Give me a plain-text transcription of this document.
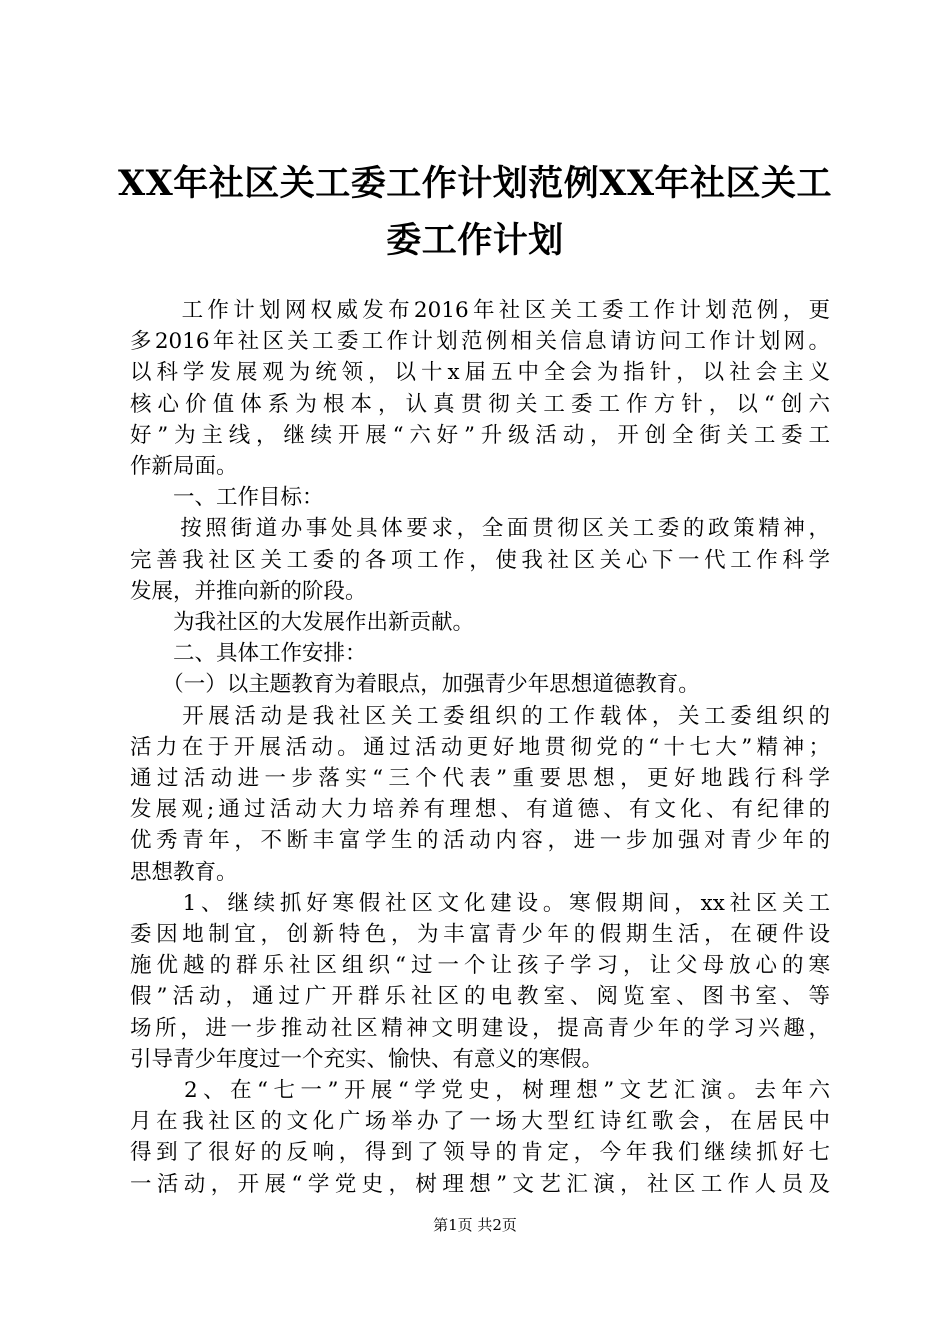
XX年社区关工委工作计划范例XX年社区关工
委工作计划
　　工作计划网权威发布2016年社区关工委工作计划范例，更
多2016年社区关工委工作计划范例相关信息请访问工作计划网。
以科学发展观为统领，以十x届五中全会为指针，以社会主义
核心价值体系为根本，认真贯彻关工委工作方针，以“创六
好”为主线，继续开展“六好”升级活动，开创全街关工委工
作新局面。
　　一、工作目标：
　　按照街道办事处具体要求，全面贯彻区关工委的政策精神，
完善我社区关工委的各项工作，使我社区关心下一代工作科学
发展，并推向新的阶段。
　　为我社区的大发展作出新贡献。
　　二、具体工作安排：
　　（一）以主题教育为着眼点，加强青少年思想道德教育。
　　开展活动是我社区关工委组织的工作载体，关工委组织的
活力在于开展活动。通过活动更好地贯彻党的“十七大”精神；
通过活动进一步落实“三个代表”重要思想，更好地践行科学
发展观;通过活动大力培养有理想、有道德、有文化、有纪律的
优秀青年，不断丰富学生的活动内容，进一步加强对青少年的
思想教育。
　　1、继续抓好寒假社区文化建设。寒假期间，xx社区关工
委因地制宜，创新特色，为丰富青少年的假期生活，在硬件设
施优越的群乐社区组织“过一个让孩子学习，让父母放心的寒
假”活动，通过广开群乐社区的电教室、阅览室、图书室、等
场所，进一步推动社区精神文明建设，提高青少年的学习兴趣，
引导青少年度过一个充实、愉快、有意义的寒假。
　　2、在“七一”开展“学党史，树理想”文艺汇演。去年六
月在我社区的文化广场举办了一场大型红诗红歌会，在居民中
得到了很好的反响，得到了领导的肯定，今年我们继续抓好七
一活动，开展“学党史，树理想”文艺汇演，社区工作人员及
第1页 共2页
